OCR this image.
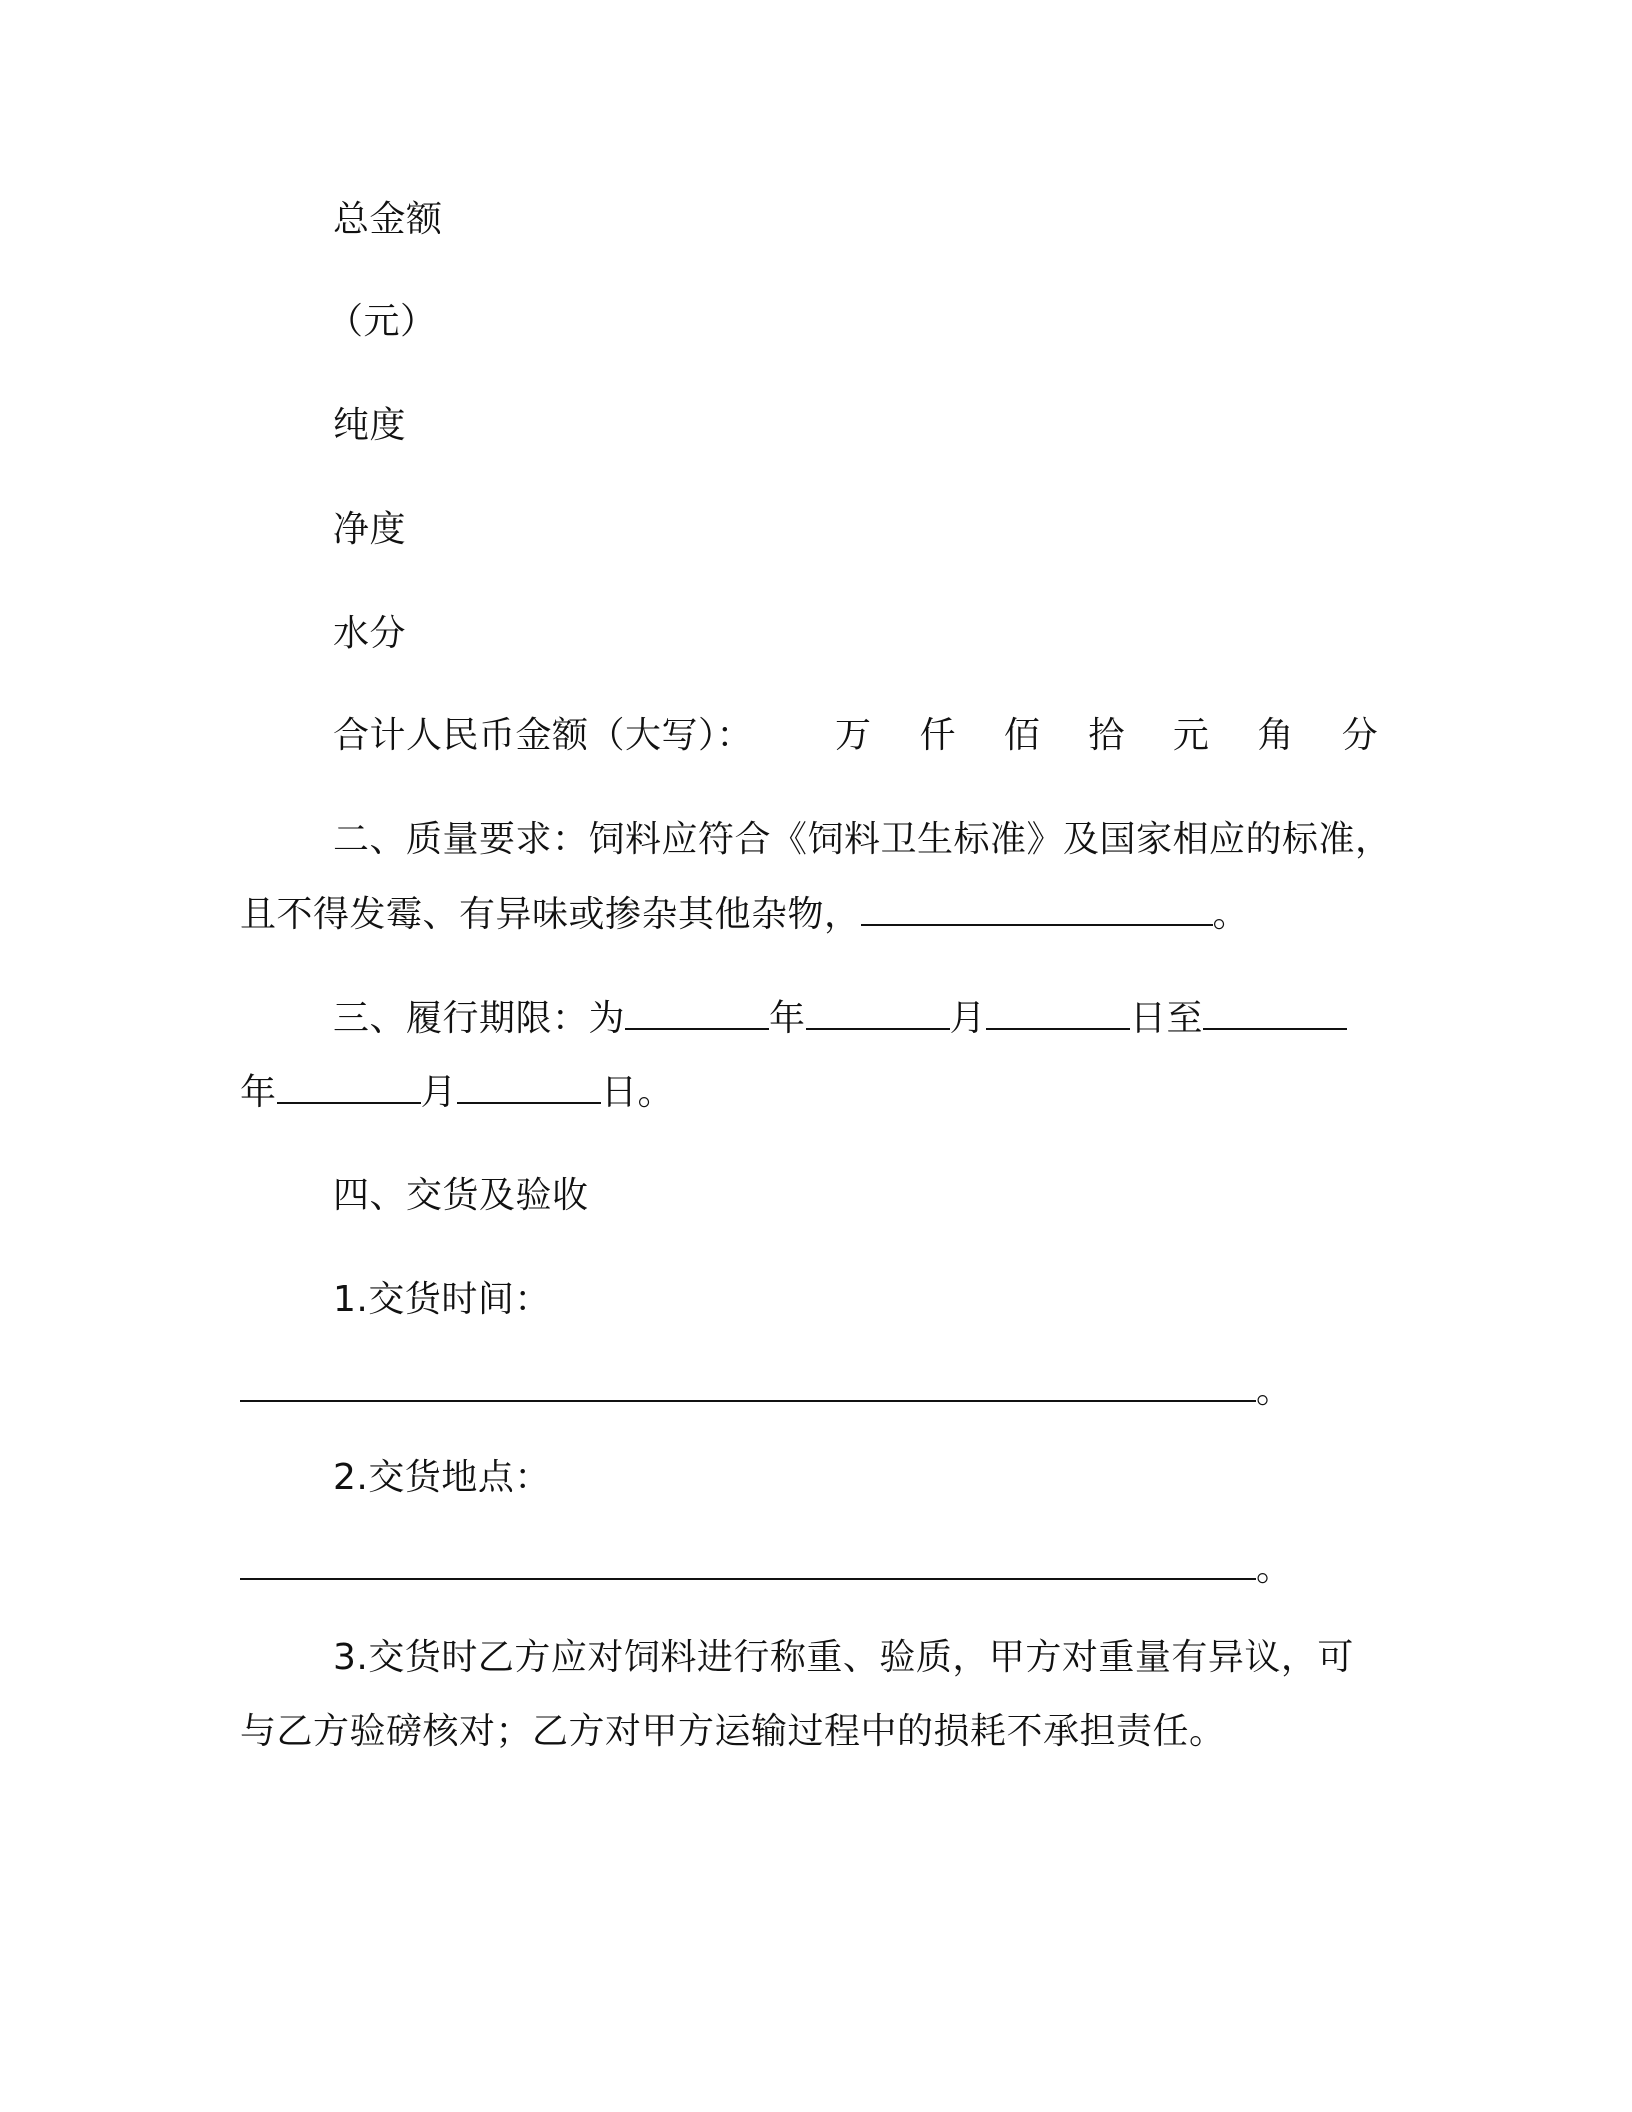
总金额
（元）
纯度
净度
水分
合计人民币金额（大写）： 万 仟 佰 拾 元 角 分
二、质量要求：饲料应符合《饲料卫生标准》及国家相应的标准，
且不得发霉、有异味或掺杂其他杂物，	。
三、履行期限：为	年	月	日至
年	月	日。
四、交货及验收
1.交货时间：
。
2.交货地点：
。
3.交货时乙方应对饲料进行称重、验质，甲方对重量有异议，可
与乙方验磅核对；乙方对甲方运输过程中的损耗不承担责任。
